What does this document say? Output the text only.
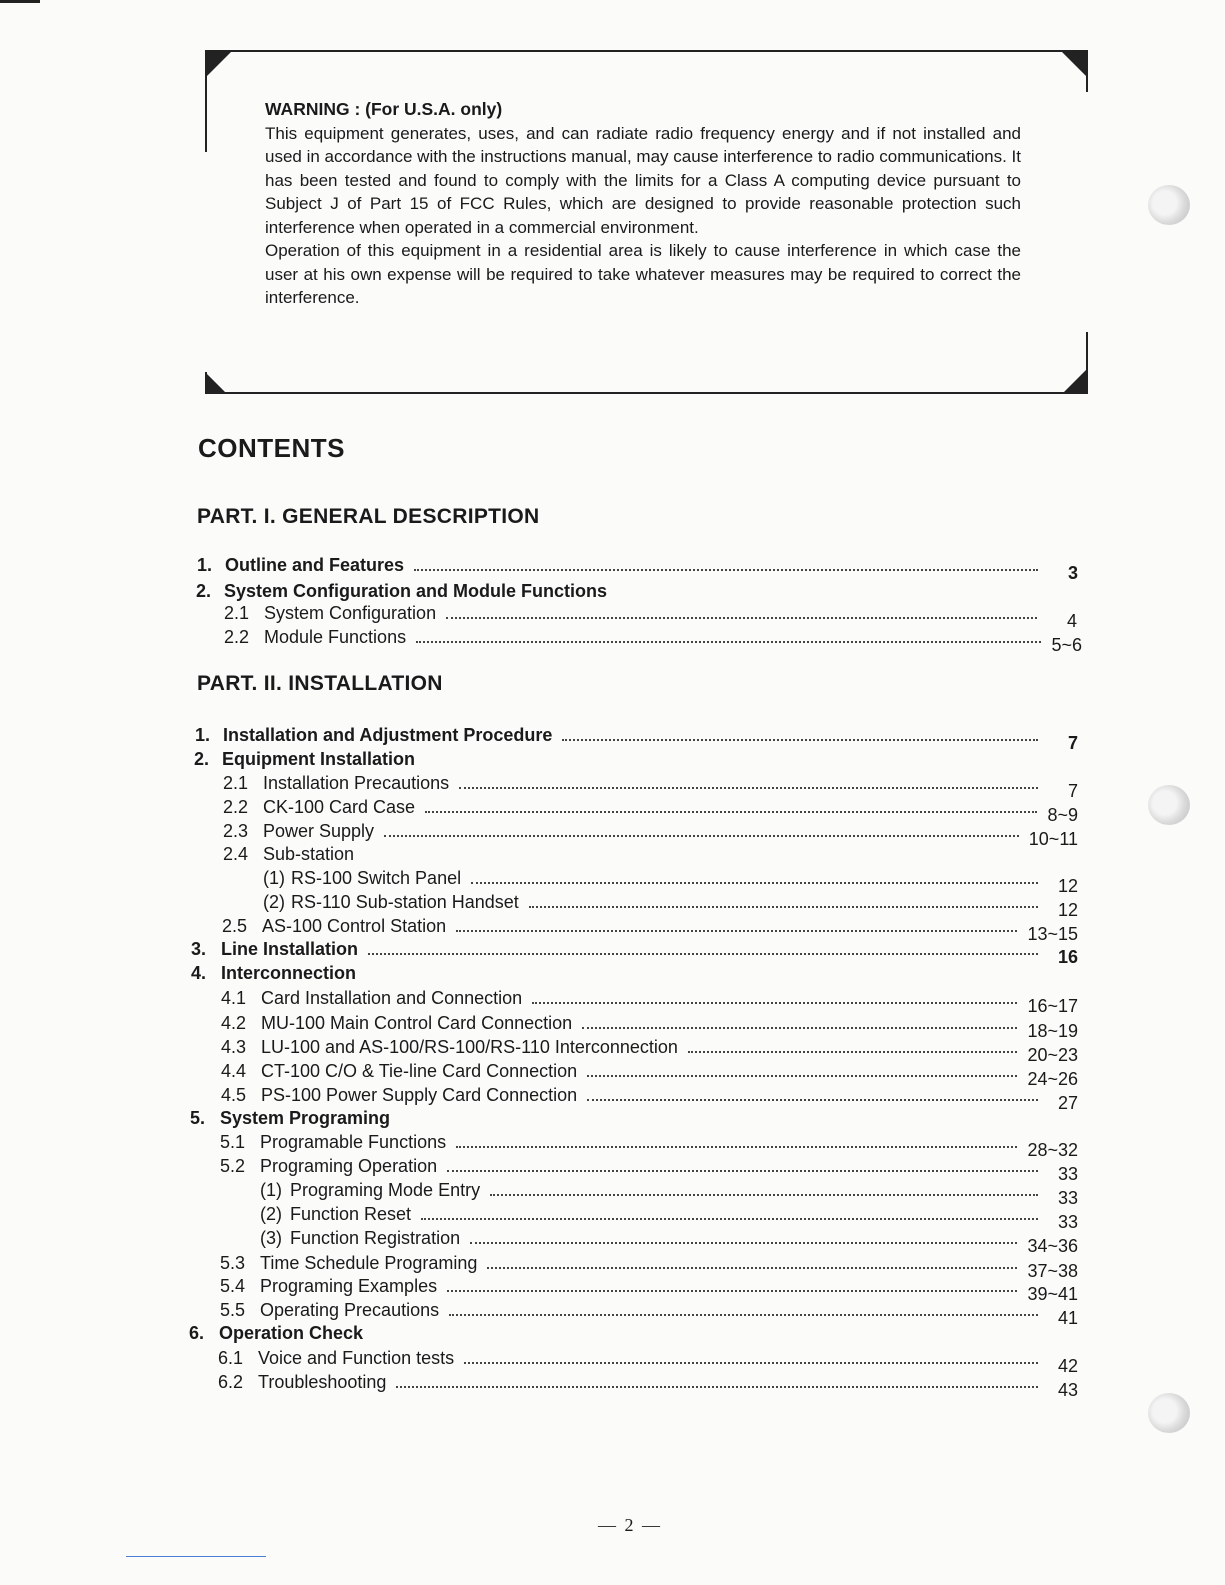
WARNING : (For U.S.A. only)
This equipment generates, uses, and can radiate radio frequency energy and if not installed and used in accordance with the instructions manual, may cause interference to radio communications. It has been tested and found to comply with the limits for a Class A computing device pursuant to Subject J of Part 15 of FCC Rules, which are designed to provide reasonable protection such interference when operated in a commercial environment.
Operation of this equipment in a residential area is likely to cause interference in which case the user at his own expense will be required to take whatever measures may be required to correct the interference.
CONTENTS
PART. I. GENERAL DESCRIPTION
PART. II. INSTALLATION
1. Outline and Features	3
2. System Configuration and Module Functions
2.1 System Configuration	4
2.2 Module Functions	5~6
1. Installation and Adjustment Procedure	7
2. Equipment Installation
2.1 Installation Precautions	7
2.2 CK-100 Card Case	8~9
2.3 Power Supply	10~11
2.4 Sub-station
(1) RS-100 Switch Panel	12
(2) RS-110 Sub-station Handset	12
2.5 AS-100 Control Station	13~15
3. Line Installation	16
4. Interconnection
4.1 Card Installation and Connection	16~17
4.2 MU-100 Main Control Card Connection	18~19
4.3 LU-100 and AS-100/RS-100/RS-110 Interconnection	20~23
4.4 CT-100 C/O & Tie-line Card Connection	24~26
4.5 PS-100 Power Supply Card Connection	27
5. System Programing
5.1 Programable Functions	28~32
5.2 Programing Operation	33
(1) Programing Mode Entry	33
(2) Function Reset	33
(3) Function Registration	34~36
5.3 Time Schedule Programing	37~38
5.4 Programing Examples	39~41
5.5 Operating Precautions	41
6. Operation Check
6.1 Voice and Function tests	42
6.2 Troubleshooting	43
— 2 —
